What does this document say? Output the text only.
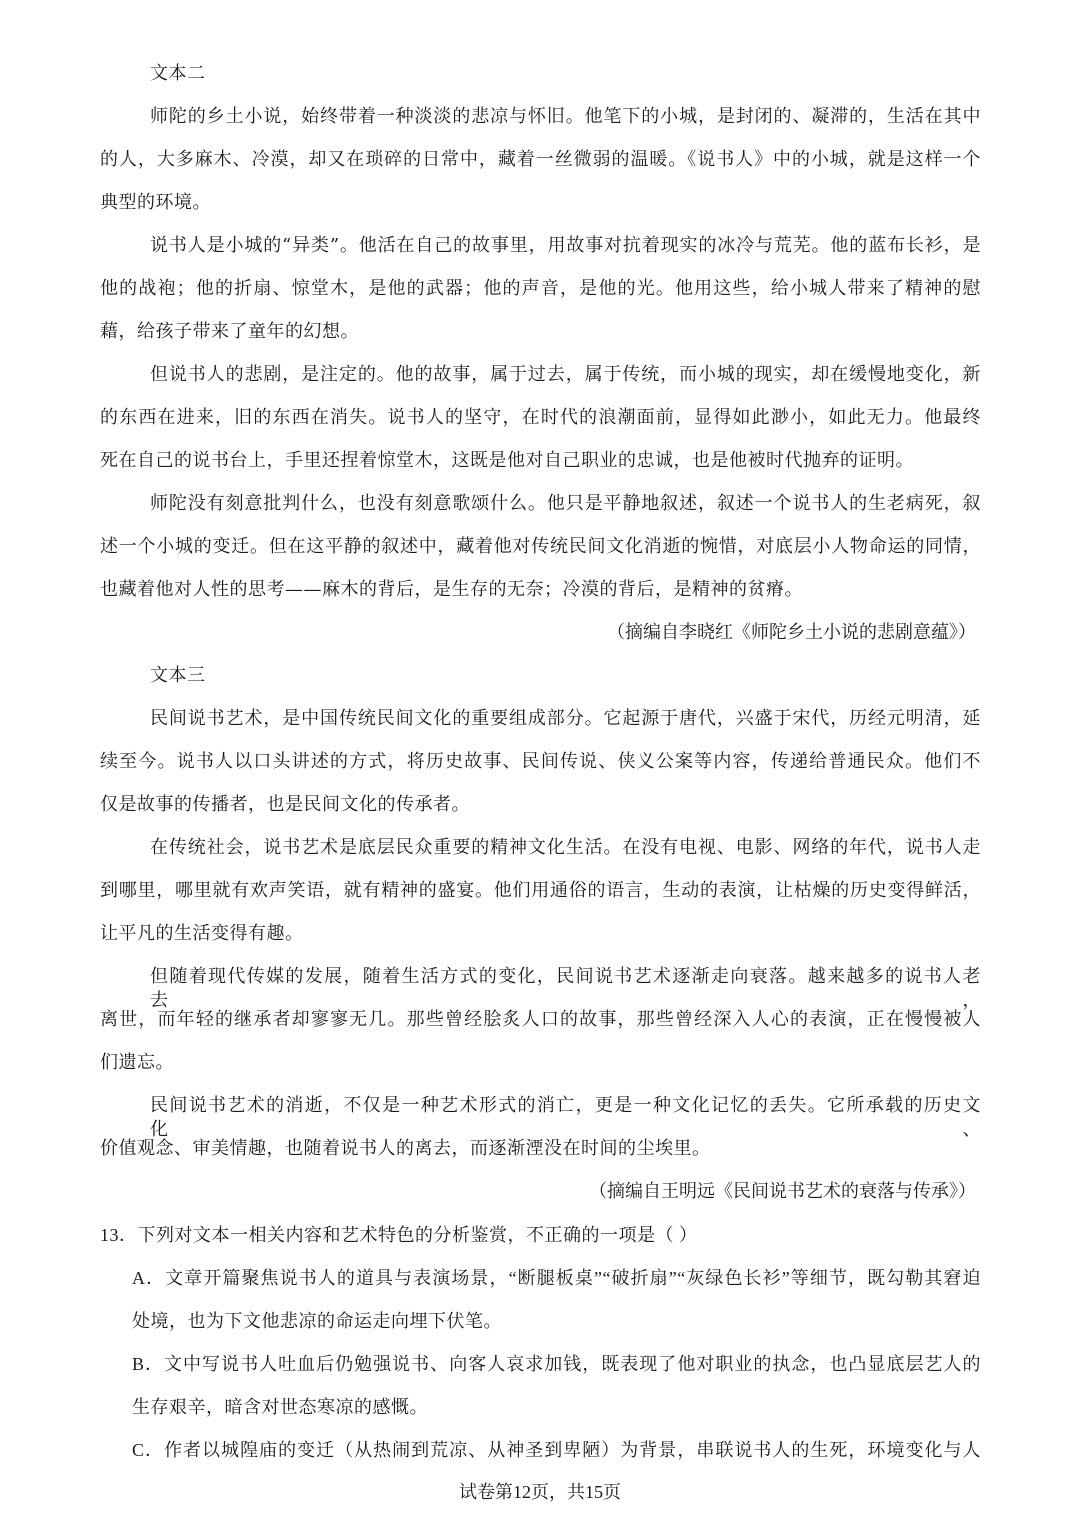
文本二
师陀的乡土小说，始终带着一种淡淡的悲凉与怀旧。他笔下的小城，是封闭的、凝滞的，生活在其中
的人，大多麻木、冷漠，却又在琐碎的日常中，藏着一丝微弱的温暖。《说书人》中的小城，就是这样一个
典型的环境。
说书人是小城的“异类”。他活在自己的故事里，用故事对抗着现实的冰冷与荒芜。他的蓝布长衫，是
他的战袍；他的折扇、惊堂木，是他的武器；他的声音，是他的光。他用这些，给小城人带来了精神的慰
藉，给孩子带来了童年的幻想。
但说书人的悲剧，是注定的。他的故事，属于过去，属于传统，而小城的现实，却在缓慢地变化，新
的东西在进来，旧的东西在消失。说书人的坚守，在时代的浪潮面前，显得如此渺小，如此无力。他最终
死在自己的说书台上，手里还捏着惊堂木，这既是他对自己职业的忠诚，也是他被时代抛弃的证明。
师陀没有刻意批判什么，也没有刻意歌颂什么。他只是平静地叙述，叙述一个说书人的生老病死，叙
述一个小城的变迁。但在这平静的叙述中，藏着他对传统民间文化消逝的惋惜，对底层小人物命运的同情，
也藏着他对人性的思考——麻木的背后，是生存的无奈；冷漠的背后，是精神的贫瘠。
（摘编自李晓红《师陀乡土小说的悲剧意蕴》）
文本三
民间说书艺术，是中国传统民间文化的重要组成部分。它起源于唐代，兴盛于宋代，历经元明清，延
续至今。说书人以口头讲述的方式，将历史故事、民间传说、侠义公案等内容，传递给普通民众。他们不
仅是故事的传播者，也是民间文化的传承者。
在传统社会，说书艺术是底层民众重要的精神文化生活。在没有电视、电影、网络的年代，说书人走
到哪里，哪里就有欢声笑语，就有精神的盛宴。他们用通俗的语言，生动的表演，让枯燥的历史变得鲜活，
让平凡的生活变得有趣。
但随着现代传媒的发展，随着生活方式的变化，民间说书艺术逐渐走向衰落。越来越多的说书人老去，
离世，而年轻的继承者却寥寥无几。那些曾经脍炙人口的故事，那些曾经深入人心的表演，正在慢慢被人
们遗忘。
民间说书艺术的消逝，不仅是一种艺术形式的消亡，更是一种文化记忆的丢失。它所承载的历史文化、
价值观念、审美情趣，也随着说书人的离去，而逐渐湮没在时间的尘埃里。
（摘编自王明远《民间说书艺术的衰落与传承》）
13．下列对文本一相关内容和艺术特色的分析鉴赏，不正确的一项是（ ）
A．文章开篇聚焦说书人的道具与表演场景，“断腿板桌”“破折扇”“灰绿色长衫”等细节，既勾勒其窘迫
处境，也为下文他悲凉的命运走向埋下伏笔。
B．文中写说书人吐血后仍勉强说书、向客人哀求加钱，既表现了他对职业的执念，也凸显底层艺人的
生存艰辛，暗含对世态寒凉的感慨。
C．作者以城隍庙的变迁（从热闹到荒凉、从神圣到卑陋）为背景，串联说书人的生死，环境变化与人
试卷第12页，共15页
